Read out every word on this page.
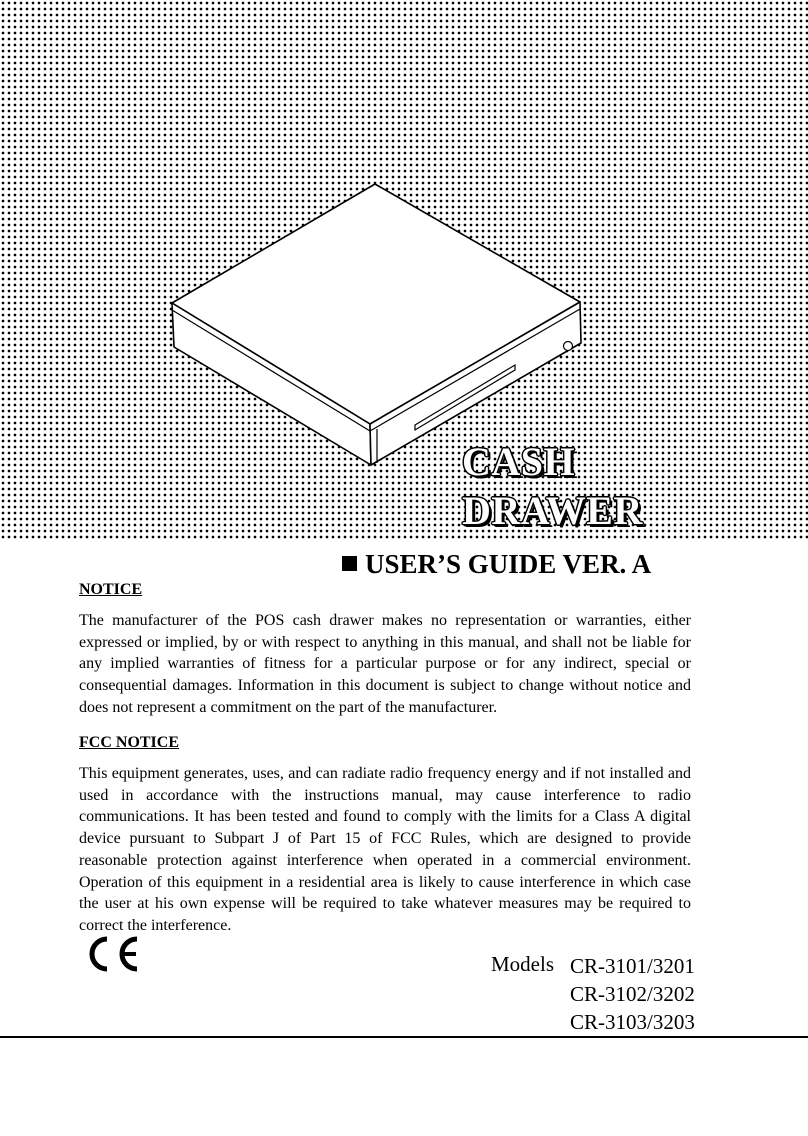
CASH
DRAWER
USER’S GUIDE VER. A
NOTICE

The manufacturer of the POS cash drawer makes no representation or warranties, either expressed or implied, by or with respect to anything in this manual, and shall not be liable for any implied warranties of fitness for a particular purpose or for any indirect, special or consequential damages. Information in this document is subject to change without notice and does not represent a commitment on the part of the manufacturer.

FCC NOTICE

This equipment generates, uses, and can radiate radio frequency energy and if not installed and used in accordance with the instructions manual, may cause interference to radio communications. It has been tested and found to comply with the limits for a Class A digital device pursuant to Subpart J of Part 15 of FCC Rules, which are designed to provide reasonable protection against interference when operated in a commercial environment. Operation of this equipment in a residential area is likely to cause interference in which case the user at his own expense will be required to take whatever measures may be required to correct the interference.

Models CR-3101/3201
CR-3102/3202
CR-3103/3203
